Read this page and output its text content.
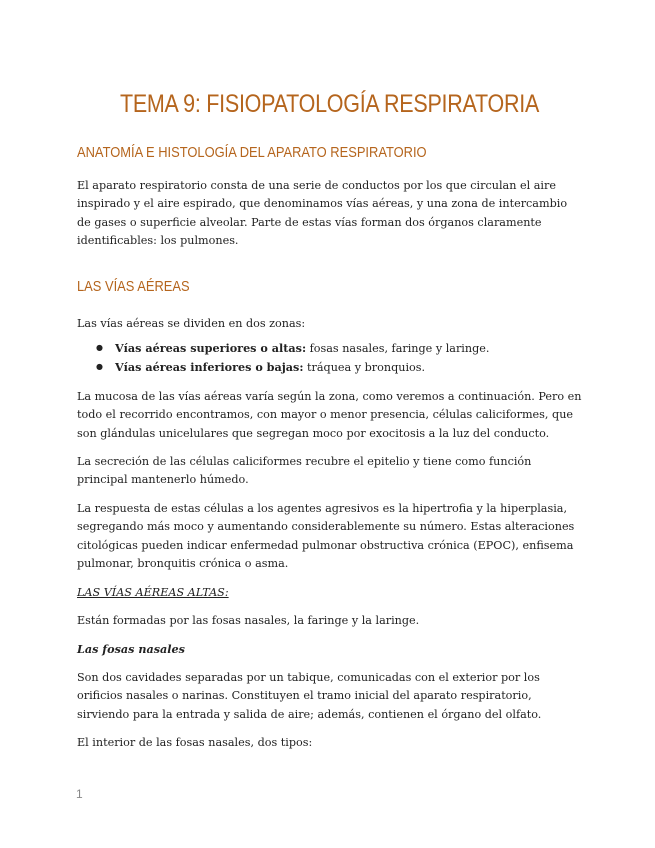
TEMA 9: FISIOPATOLOGÍA RESPIRATORIA
ANATOMÍA E HISTOLOGÍA DEL APARATO RESPIRATORIO

El aparato respiratorio consta de una serie de conductos por los que circulan el aire inspirado y el aire espirado, que denominamos vías aéreas, y una zona de intercambio de gases o superficie alveolar. Parte de estas vías forman dos órganos claramente identificables: los pulmones.

LAS VÍAS AÉREAS

Las vías aéreas se dividen en dos zonas:

● Vías aéreas superiores o altas: fosas nasales, faringe y laringe.
● Vías aéreas inferiores o bajas: tráquea y bronquios.

La mucosa de las vías aéreas varía según la zona, como veremos a continuación. Pero en todo el recorrido encontramos, con mayor o menor presencia, células caliciformes, que son glándulas unicelulares que segregan moco por exocitosis a la luz del conducto.

La secreción de las células caliciformes recubre el epitelio y tiene como función principal mantenerlo húmedo.

La respuesta de estas células a los agentes agresivos es la hipertrofia y la hiperplasia, segregando más moco y aumentando considerablemente su número. Estas alteraciones citológicas pueden indicar enfermedad pulmonar obstructiva crónica (EPOC), enfisema pulmonar, bronquitis crónica o asma.

LAS VÍAS AÉREAS ALTAS:

Están formadas por las fosas nasales, la faringe y la laringe.

Las fosas nasales

Son dos cavidades separadas por un tabique, comunicadas con el exterior por los orificios nasales o narinas. Constituyen el tramo inicial del aparato respiratorio, sirviendo para la entrada y salida de aire; además, contienen el órgano del olfato.

El interior de las fosas nasales, dos tipos:

1
